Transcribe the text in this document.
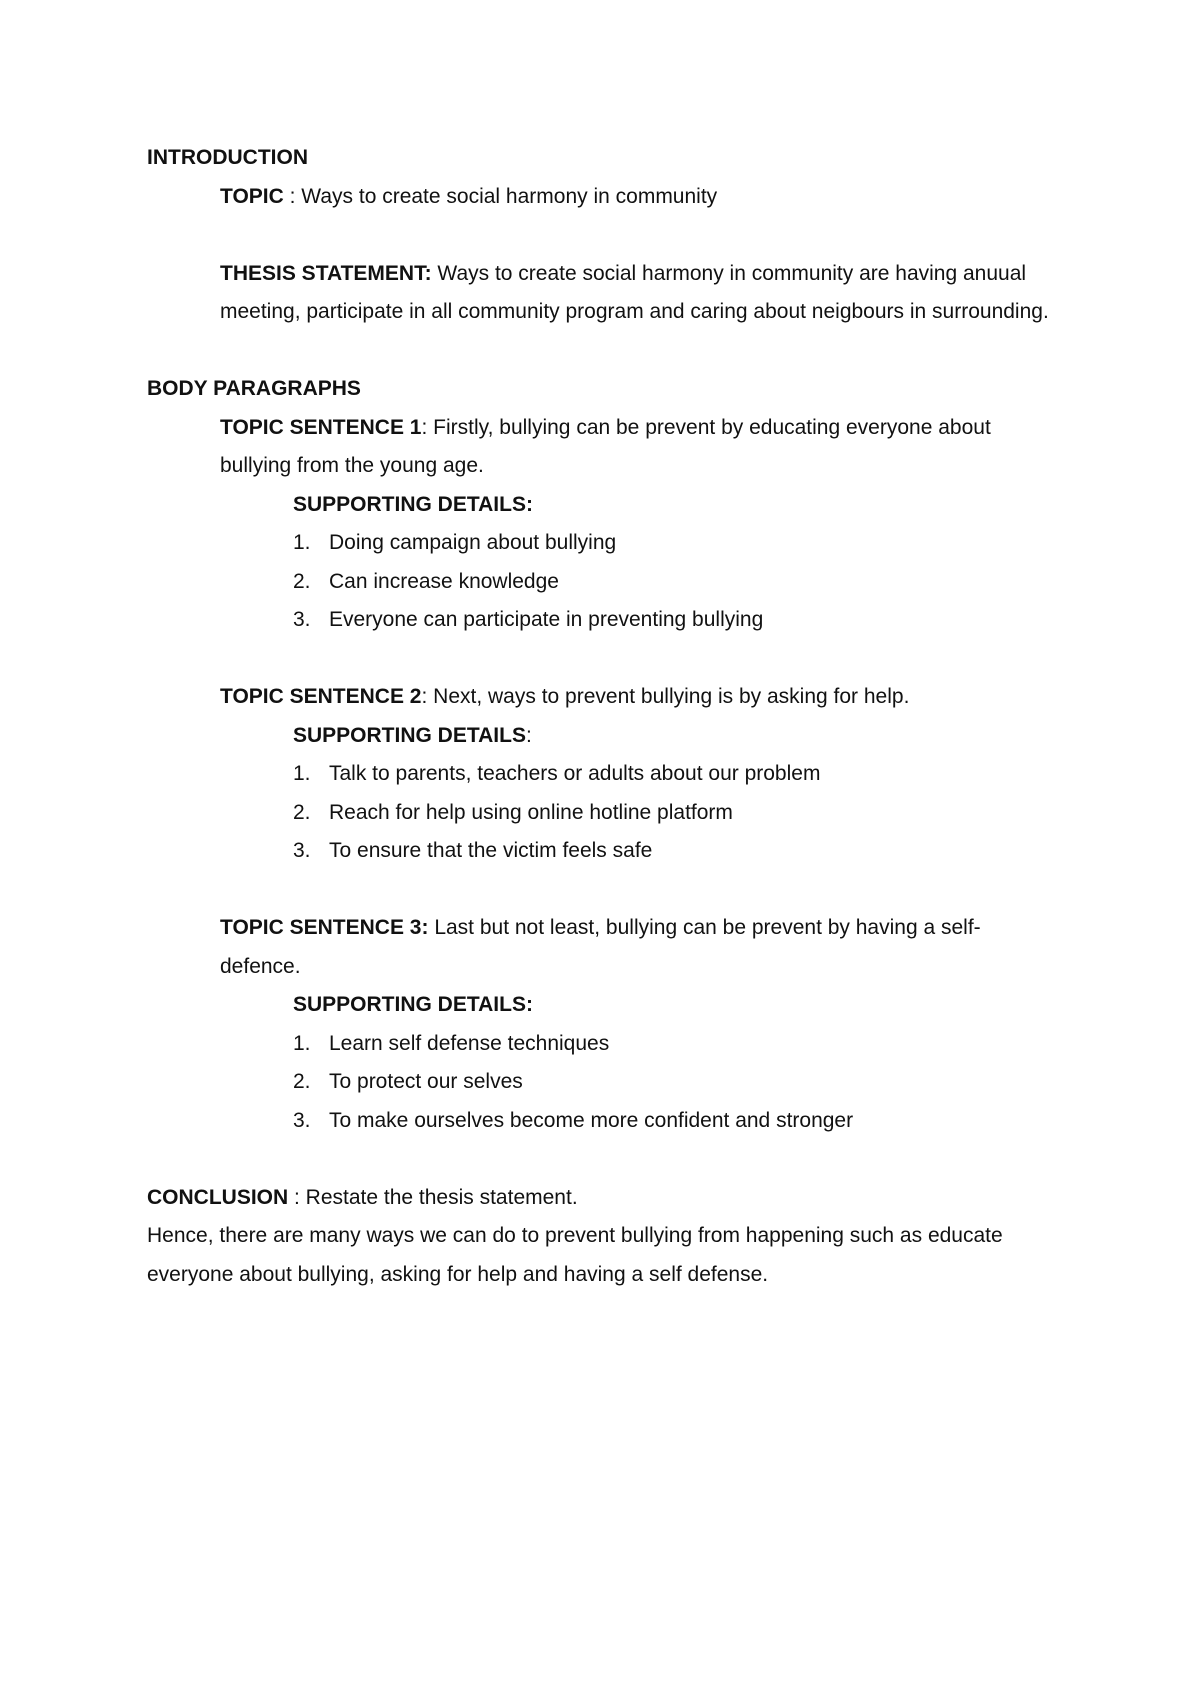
INTRODUCTION

TOPIC : Ways to create social harmony in community

THESIS STATEMENT: Ways to create social harmony in community are having anuual meeting, participate in all community program and caring about neigbours in surrounding.

BODY PARAGRAPHS

TOPIC SENTENCE 1: Firstly, bullying can be prevent by educating everyone about bullying from the young age.

SUPPORTING DETAILS:

1. Doing campaign about bullying
2. Can increase knowledge
3. Everyone can participate in preventing bullying

TOPIC SENTENCE 2: Next, ways to prevent bullying is by asking for help.

SUPPORTING DETAILS:

1. Talk to parents, teachers or adults about our problem
2. Reach for help using online hotline platform
3. To ensure that the victim feels safe

TOPIC SENTENCE 3: Last but not least, bullying can be prevent by having a self-defence.

SUPPORTING DETAILS:

1. Learn self defense techniques
2. To protect our selves
3. To make ourselves become more confident and stronger

CONCLUSION : Restate the thesis statement.

Hence, there are many ways we can do to prevent bullying from happening such as educate everyone about bullying, asking for help and having a self defense.
